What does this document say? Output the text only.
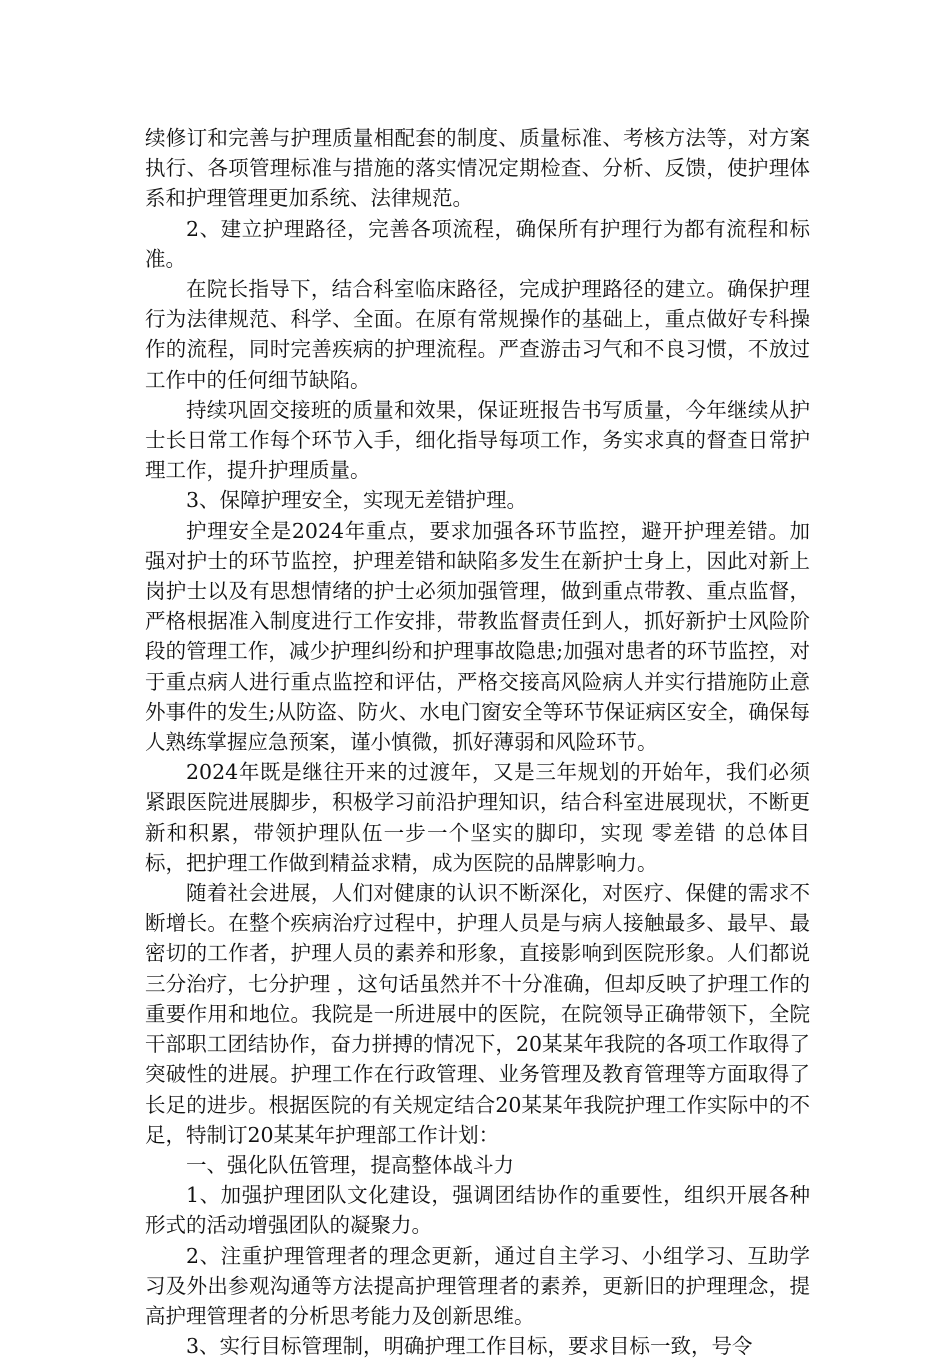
续修订和完善与护理质量相配套的制度、质量标准、考核方法等，对方案执行、各项管理标准与措施的落实情况定期检查、分析、反馈，使护理体系和护理管理更加系统、法律规范。

2、建立护理路径，完善各项流程，确保所有护理行为都有流程和标准。

在院长指导下，结合科室临床路径，完成护理路径的建立。确保护理行为法律规范、科学、全面。在原有常规操作的基础上，重点做好专科操作的流程，同时完善疾病的护理流程。严查游击习气和不良习惯，不放过工作中的任何细节缺陷。

持续巩固交接班的质量和效果，保证班报告书写质量，今年继续从护士长日常工作每个环节入手，细化指导每项工作，务实求真的督查日常护理工作，提升护理质量。

3、保障护理安全，实现无差错护理。

护理安全是2024年重点，要求加强各环节监控，避开护理差错。加强对护士的环节监控，护理差错和缺陷多发生在新护士身上，因此对新上岗护士以及有思想情绪的护士必须加强管理，做到重点带教、重点监督，严格根据准入制度进行工作安排，带教监督责任到人，抓好新护士风险阶段的管理工作，减少护理纠纷和护理事故隐患;加强对患者的环节监控，对于重点病人进行重点监控和评估，严格交接高风险病人并实行措施防止意外事件的发生;从防盗、防火、水电门窗安全等环节保证病区安全，确保每人熟练掌握应急预案，谨小慎微，抓好薄弱和风险环节。

2024年既是继往开来的过渡年，又是三年规划的开始年，我们必须紧跟医院进展脚步，积极学习前沿护理知识，结合科室进展现状，不断更新和积累，带领护理队伍一步一个坚实的脚印，实现 零差错 的总体目标，把护理工作做到精益求精，成为医院的品牌影响力。

随着社会进展，人们对健康的认识不断深化，对医疗、保健的需求不断增长。在整个疾病治疗过程中，护理人员是与病人接触最多、最早、最密切的工作者，护理人员的素养和形象，直接影响到医院形象。人们都说 三分治疗，七分护理 ，这句话虽然并不十分准确，但却反映了护理工作的重要作用和地位。我院是一所进展中的医院，在院领导正确带领下，全院干部职工团结协作，奋力拼搏的情况下，20某某年我院的各项工作取得了突破性的进展。护理工作在行政管理、业务管理及教育管理等方面取得了长足的进步。根据医院的有关规定结合20某某年我院护理工作实际中的不足，特制订20某某年护理部工作计划：

一、强化队伍管理，提高整体战斗力

1、加强护理团队文化建设，强调团结协作的重要性，组织开展各种形式的活动增强团队的凝聚力。

2、注重护理管理者的理念更新，通过自主学习、小组学习、互助学习及外出参观沟通等方法提高护理管理者的素养，更新旧的护理理念，提高护理管理者的分析思考能力及创新思维。

3、实行目标管理制，明确护理工作目标，要求目标一致，号令
